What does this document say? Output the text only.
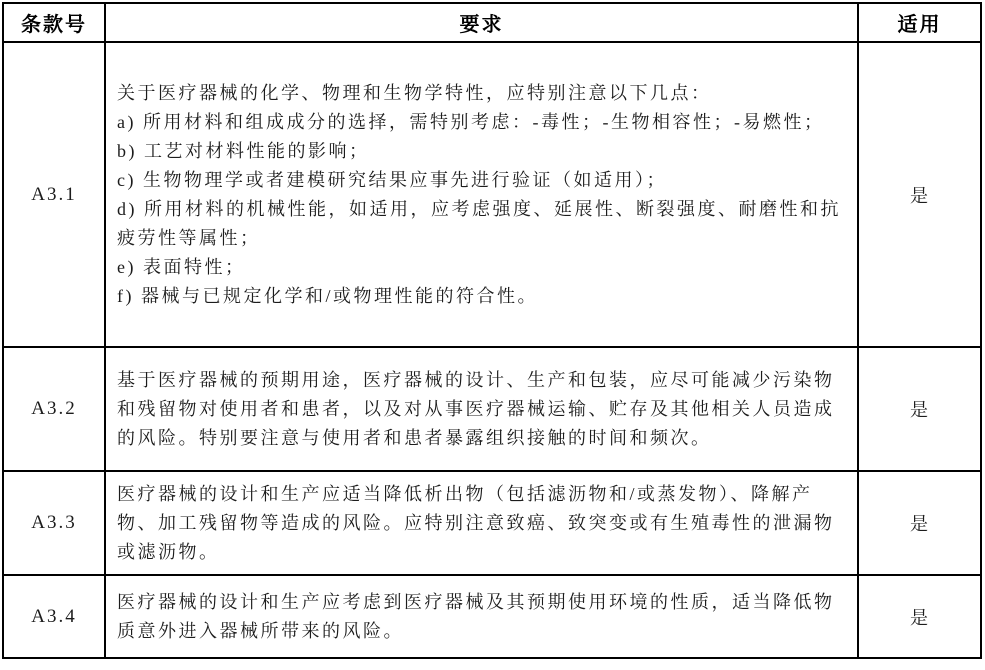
条款号	要求	适用
A3.1
关于医疗器械的化学、物理和生物学特性，应特别注意以下几点：
a) 所用材料和组成成分的选择，需特别考虑：-毒性；-生物相容性；-易燃性；
b) 工艺对材料性能的影响；
c) 生物物理学或者建模研究结果应事先进行验证（如适用）；
d) 所用材料的机械性能，如适用，应考虑强度、延展性、断裂强度、耐磨性和抗
疲劳性等属性；
e) 表面特性；
f) 器械与已规定化学和/或物理性能的符合性。
是
A3.2
基于医疗器械的预期用途，医疗器械的设计、生产和包装，应尽可能减少污染物
和残留物对使用者和患者，以及对从事医疗器械运输、贮存及其他相关人员造成
的风险。特别要注意与使用者和患者暴露组织接触的时间和频次。
是
A3.3
医疗器械的设计和生产应适当降低析出物（包括滤沥物和/或蒸发物）、降解产
物、加工残留物等造成的风险。应特别注意致癌、致突变或有生殖毒性的泄漏物
或滤沥物。
是
A3.4
医疗器械的设计和生产应考虑到医疗器械及其预期使用环境的性质，适当降低物
质意外进入器械所带来的风险。
是
